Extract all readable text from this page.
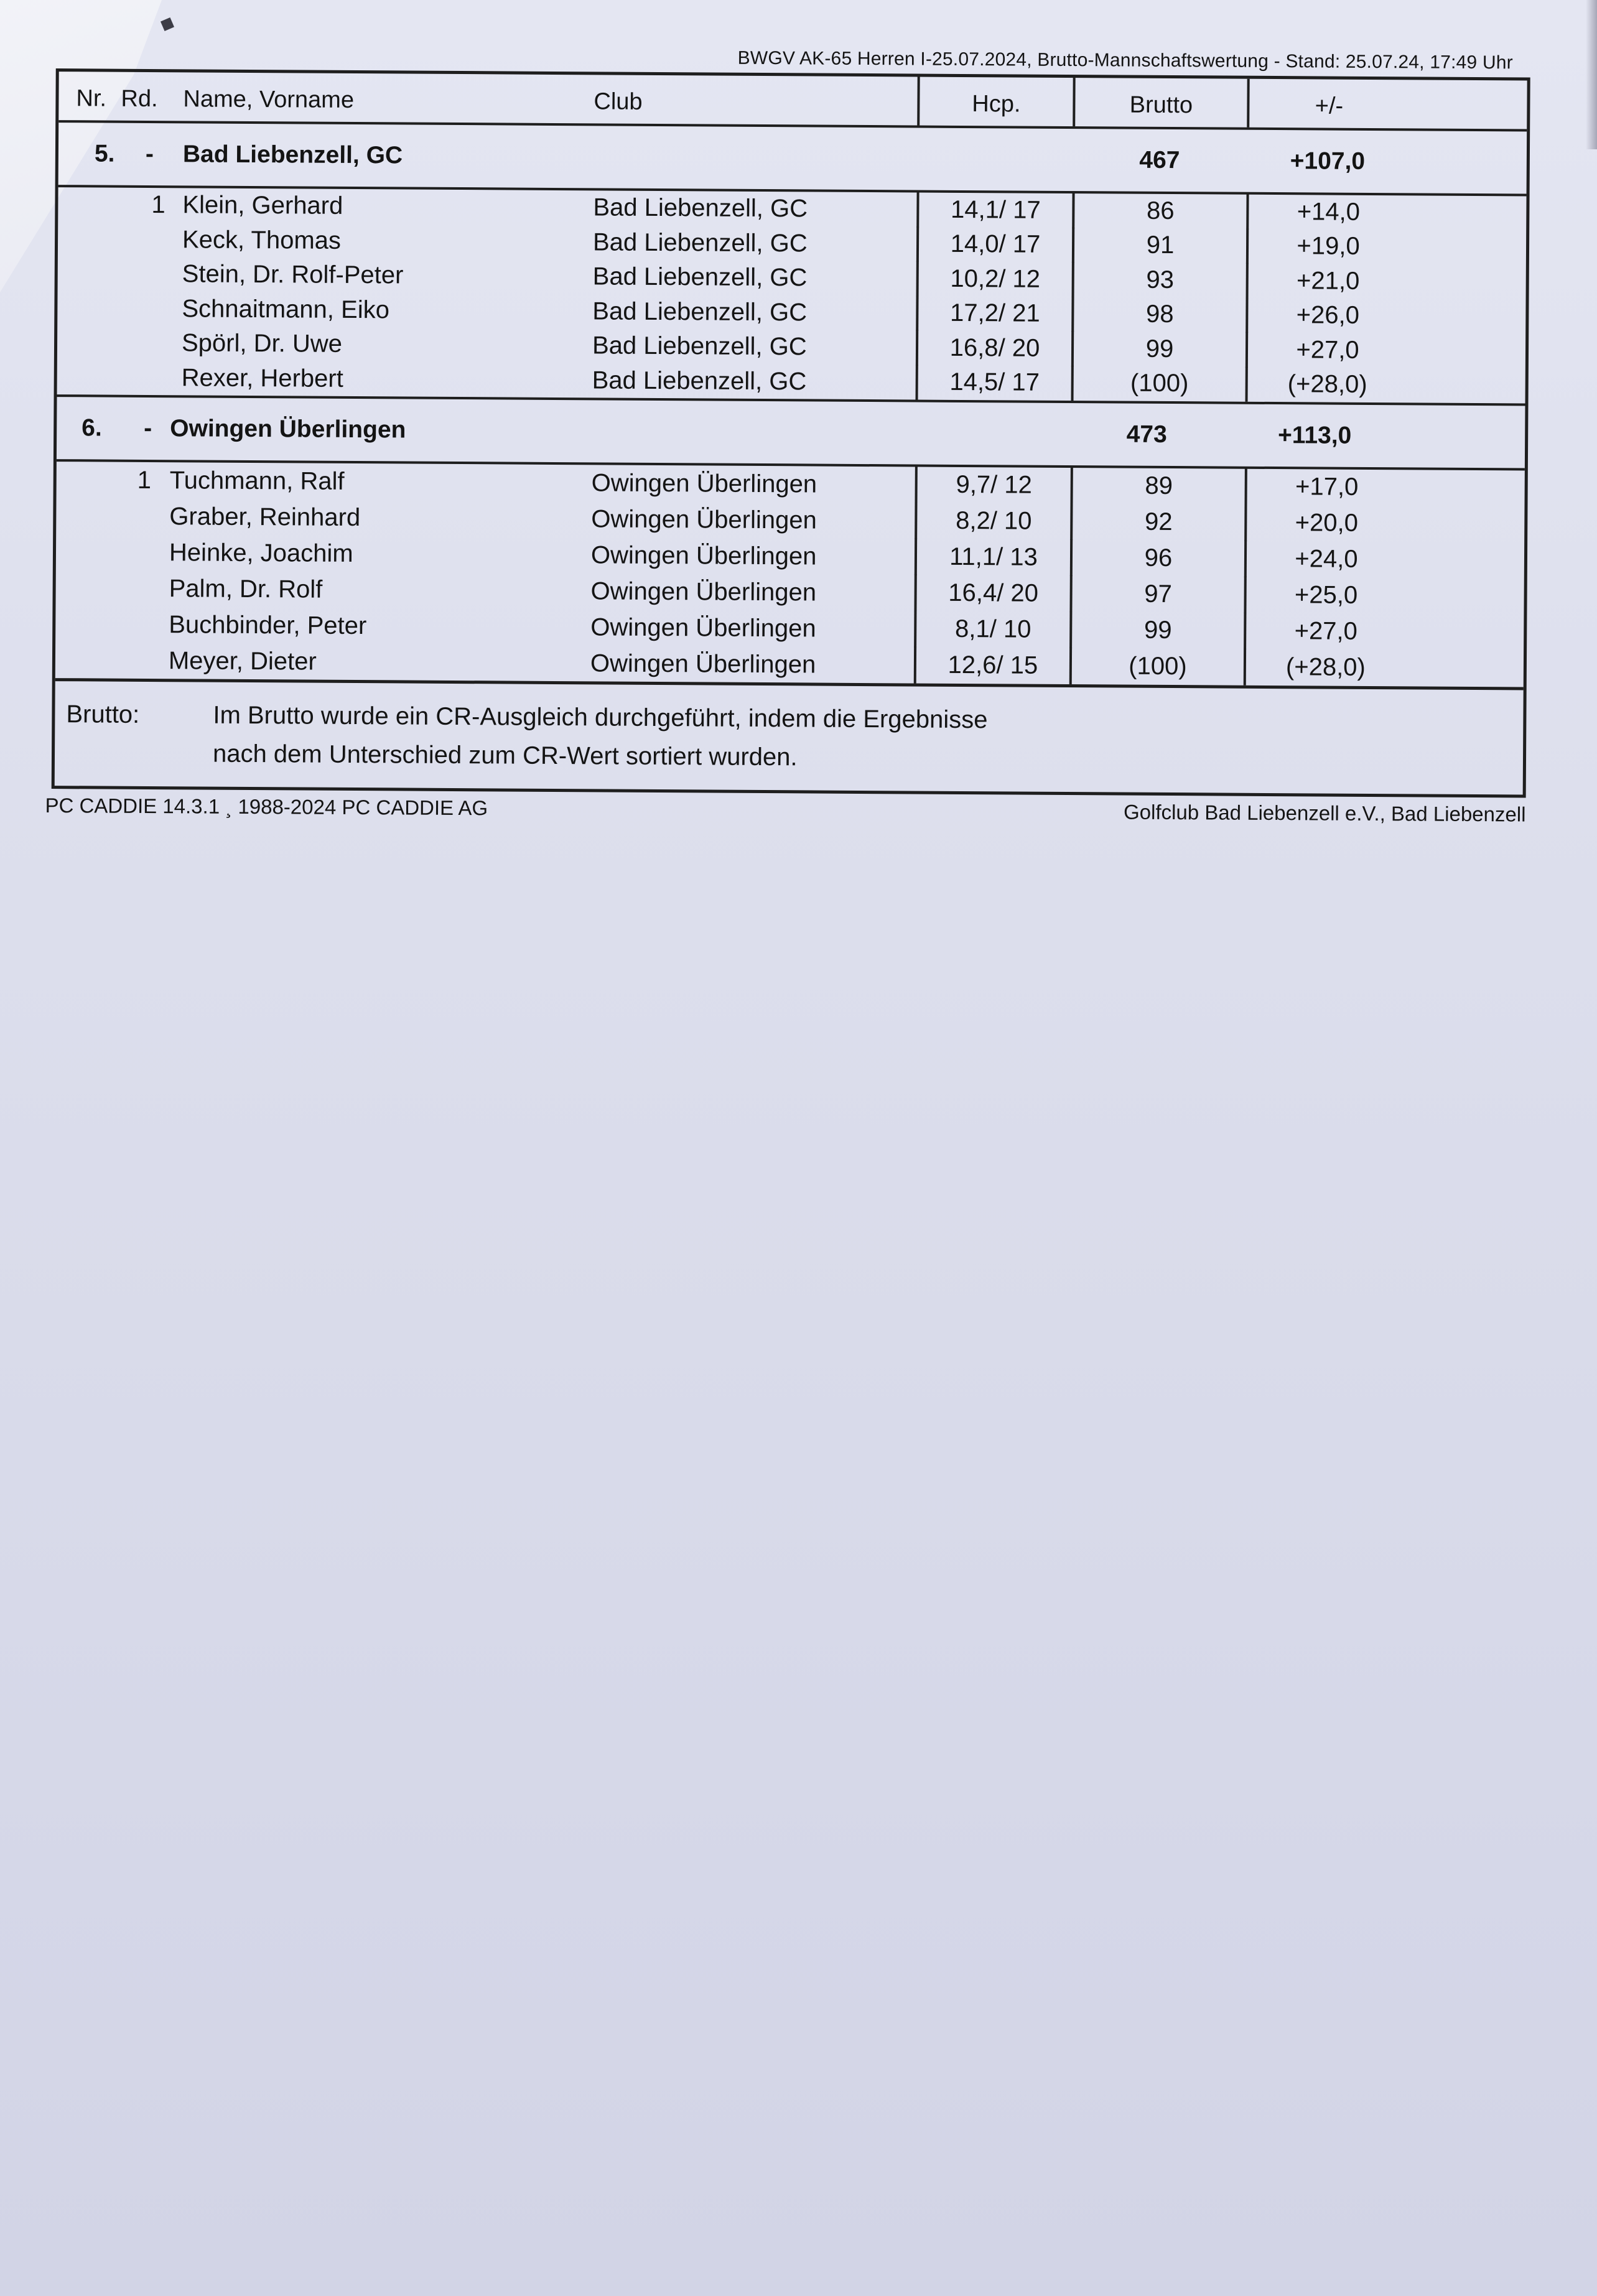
BWGV AK-65 Herren I-25.07.2024, Brutto-Mannschaftswertung - Stand: 25.07.24, 17:49 Uhr
Nr. Rd.	Name, Vorname	Club	Hcp.	Brutto	+/-
5.	-	Bad Liebenzell, GC	467	+107,0
1 Klein, Gerhard	Bad Liebenzell, GC	14,1/ 17	86	+14,0
Keck, Thomas	Bad Liebenzell, GC	14,0/ 17	91	+19,0
Stein, Dr. Rolf-Peter	Bad Liebenzell, GC	10,2/ 12	93	+21,0
Schnaitmann, Eiko	Bad Liebenzell, GC	17,2/ 21	98	+26,0
Spörl, Dr. Uwe	Bad Liebenzell, GC	16,8/ 20	99	+27,0
Rexer, Herbert	Bad Liebenzell, GC	14,5/ 17	(100)	(+28,0)
6.	- Owingen Überlingen	473	+113,0
1 Tuchmann, Ralf	Owingen Überlingen	9,7/ 12	89	+17,0
Graber, Reinhard	Owingen Überlingen	8,2/ 10	92	+20,0
Heinke, Joachim	Owingen Überlingen	11,1/ 13	96	+24,0
Palm, Dr. Rolf	Owingen Überlingen	16,4/ 20	97	+25,0
Buchbinder, Peter	Owingen Überlingen	8,1/ 10	99	+27,0
Meyer, Dieter	Owingen Überlingen	12,6/ 15	(100)	(+28,0)
Brutto:	Im Brutto wurde ein CR-Ausgleich durchgeführt, indem die Ergebnisse
nach dem Unterschied zum CR-Wert sortiert wurden.
PC CADDIE 14.3.1 ¸ 1988-2024 PC CADDIE AG	Golfclub Bad Liebenzell e.V., Bad Liebenzell
